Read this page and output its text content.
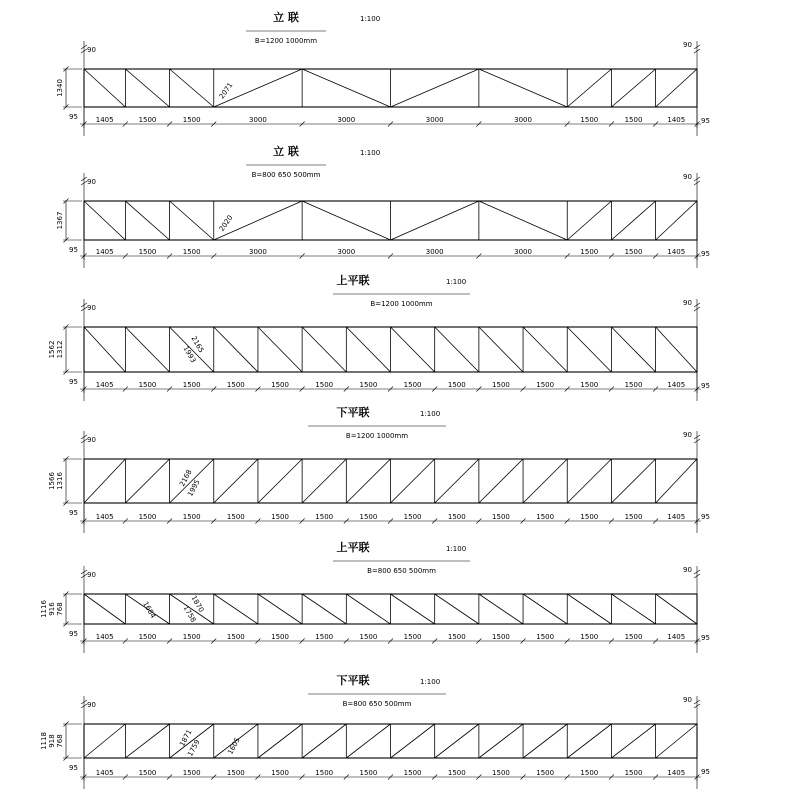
立 联	1:100
B=1200 1000mm
1405	1500	1500	3000	3000	3000	3000	1500	1500	1405
90
90
95	95
1340	2071
立 联	1:100
B=800 650 500mm
1405	1500	1500	3000	3000	3000	3000	1500	1500	1405
90
90
95	95
1367	2020
上平联	1:100
B=1200 1000mm
1405	1500	1500	1500	1500	1500	1500	1500	1500	1500	1500	1500	1500	1405
90
90
95	95
1562 1312	2165
1993
下平联	1:100
B=1200 1000mm
1405	1500	1500	1500	1500	1500	1500	1500	1500	1500	1500	1500	1500	1405
90
90
95	95
1566 1316	2168
1995
上平联	1:100
B=800 650 500mm
1405	1500	1500	1500	1500	1500	1500	1500	1500	1500	1500	1500	1500	1405
90
90
95	95
1116 916 768	1684	1870
1758
下平联	1:100
B=800 650 500mm
1405	1500	1500	1500	1500	1500	1500	1500	1500	1500	1500	1500	1500	1405
90
90
95	95
1118 918 768	1871
1759	1605
